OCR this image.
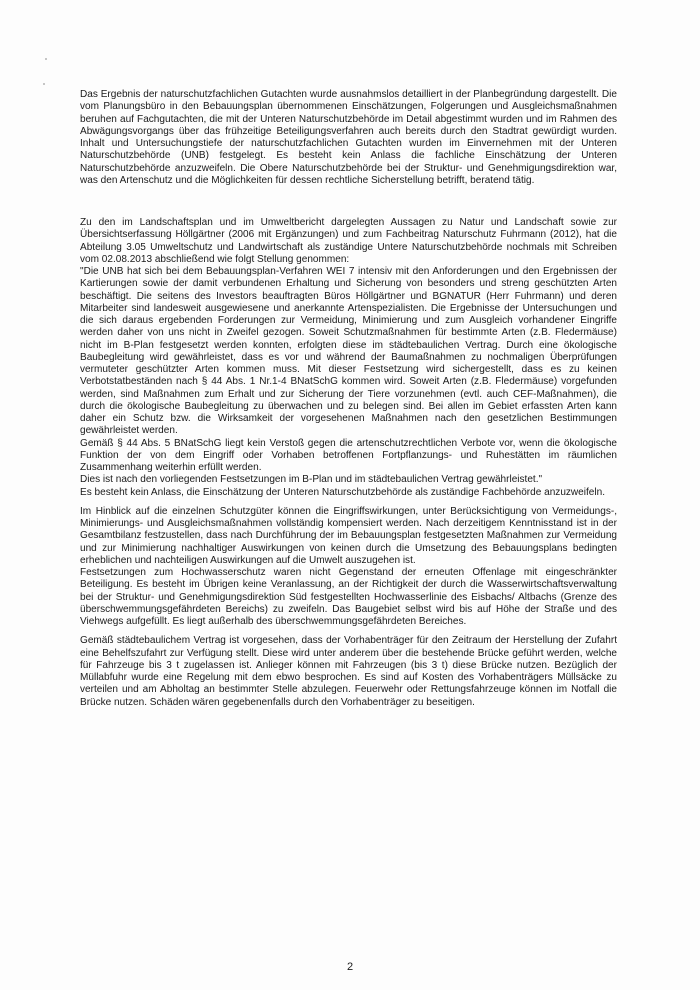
Das Ergebnis der naturschutzfachlichen Gutachten wurde ausnahmslos detailliert in der Planbegründung dargestellt. Die vom Planungsbüro in den Bebauungsplan übernommenen Einschätzungen, Folgerungen und Ausgleichsmaßnahmen beruhen auf Fachgutachten, die mit der Unteren Naturschutzbehörde im Detail abgestimmt wurden und im Rahmen des Abwägungsvorgangs über das frühzeitige Beteiligungsverfahren auch bereits durch den Stadtrat gewürdigt wurden. Inhalt und Untersuchungstiefe der naturschutzfachlichen Gutachten wurden im Einvernehmen mit der Unteren Naturschutzbehörde (UNB) festgelegt. Es besteht kein Anlass die fachliche Einschätzung der Unteren Naturschutzbehörde anzuzweifeln. Die Obere Naturschutzbehörde bei der Struktur- und Genehmigungsdirektion war, was den Artenschutz und die Möglichkeiten für dessen rechtliche Sicherstellung betrifft, beratend tätig.

Zu den im Landschaftsplan und im Umweltbericht dargelegten Aussagen zu Natur und Landschaft sowie zur Übersichtserfassung Höllgärtner (2006 mit Ergänzungen) und zum Fachbeitrag Naturschutz Fuhrmann (2012), hat die Abteilung 3.05 Umweltschutz und Landwirtschaft als zuständige Untere Naturschutzbehörde nochmals mit Schreiben vom 02.08.2013 abschließend wie folgt Stellung genommen:

"Die UNB hat sich bei dem Bebauungsplan-Verfahren WEI 7 intensiv mit den Anforderungen und den Ergebnissen der Kartierungen sowie der damit verbundenen Erhaltung und Sicherung von besonders und streng geschützten Arten beschäftigt. Die seitens des Investors beauftragten Büros Höllgärtner und BGNATUR (Herr Fuhrmann) und deren Mitarbeiter sind landesweit ausgewiesene und anerkannte Artenspezialisten. Die Ergebnisse der Untersuchungen und die sich daraus ergebenden Forderungen zur Vermeidung, Minimierung und zum Ausgleich vorhandener Eingriffe werden daher von uns nicht in Zweifel gezogen. Soweit Schutzmaßnahmen für bestimmte Arten (z.B. Fledermäuse) nicht im B-Plan festgesetzt werden konnten, erfolgten diese im städtebaulichen Vertrag. Durch eine ökologische Baubegleitung wird gewährleistet, dass es vor und während der Baumaßnahmen zu nochmaligen Überprüfungen vermuteter geschützter Arten kommen muss. Mit dieser Festsetzung wird sichergestellt, dass es zu keinen Verbotstatbeständen nach § 44 Abs. 1 Nr.1-4 BNatSchG kommen wird. Soweit Arten (z.B. Fledermäuse) vorgefunden werden, sind Maßnahmen zum Erhalt und zur Sicherung der Tiere vorzunehmen (evtl. auch CEF-Maßnahmen), die durch die ökologische Baubegleitung zu überwachen und zu belegen sind. Bei allen im Gebiet erfassten Arten kann daher ein Schutz bzw. die Wirksamkeit der vorgesehenen Maßnahmen nach den gesetzlichen Bestimmungen gewährleistet werden.

Gemäß § 44 Abs. 5 BNatSchG liegt kein Verstoß gegen die artenschutzrechtlichen Verbote vor, wenn die ökologische Funktion der von dem Eingriff oder Vorhaben betroffenen Fortpflanzungs- und Ruhestätten im räumlichen Zusammenhang weiterhin erfüllt werden.

Dies ist nach den vorliegenden Festsetzungen im B-Plan und im städtebaulichen Vertrag gewährleistet."

Es besteht kein Anlass, die Einschätzung der Unteren Naturschutzbehörde als zuständige Fachbehörde anzuzweifeln.

Im Hinblick auf die einzelnen Schutzgüter können die Eingriffswirkungen, unter Berücksichtigung von Vermeidungs-, Minimierungs- und Ausgleichsmaßnahmen vollständig kompensiert werden. Nach derzeitigem Kenntnisstand ist in der Gesamtbilanz festzustellen, dass nach Durchführung der im Bebauungsplan festgesetzten Maßnahmen zur Vermeidung und zur Minimierung nachhaltiger Auswirkungen von keinen durch die Umsetzung des Bebauungsplans bedingten erheblichen und nachteiligen Auswirkungen auf die Umwelt auszugehen ist.

Festsetzungen zum Hochwasserschutz waren nicht Gegenstand der erneuten Offenlage mit eingeschränkter Beteiligung. Es besteht im Übrigen keine Veranlassung, an der Richtigkeit der durch die Wasserwirtschaftsverwaltung bei der Struktur- und Genehmigungsdirektion Süd festgestellten Hochwasserlinie des Eisbachs/ Altbachs (Grenze des überschwemmungsgefährdeten Bereichs) zu zweifeln. Das Baugebiet selbst wird bis auf Höhe der Straße und des Viehwegs aufgefüllt. Es liegt außerhalb des überschwemmungsgefährdeten Bereiches.

Gemäß städtebaulichem Vertrag ist vorgesehen, dass der Vorhabenträger für den Zeitraum der Herstellung der Zufahrt eine Behelfszufahrt zur Verfügung stellt. Diese wird unter anderem über die bestehende Brücke geführt werden, welche für Fahrzeuge bis 3 t zugelassen ist. Anlieger können mit Fahrzeugen (bis 3 t) diese Brücke nutzen. Bezüglich der Müllabfuhr wurde eine Regelung mit dem ebwo besprochen. Es sind auf Kosten des Vorhabenträgers Müllsäcke zu verteilen und am Abholtag an bestimmter Stelle abzulegen. Feuerwehr oder Rettungsfahrzeuge können im Notfall die Brücke nutzen. Schäden wären gegebenenfalls durch den Vorhabenträger zu beseitigen.

2
